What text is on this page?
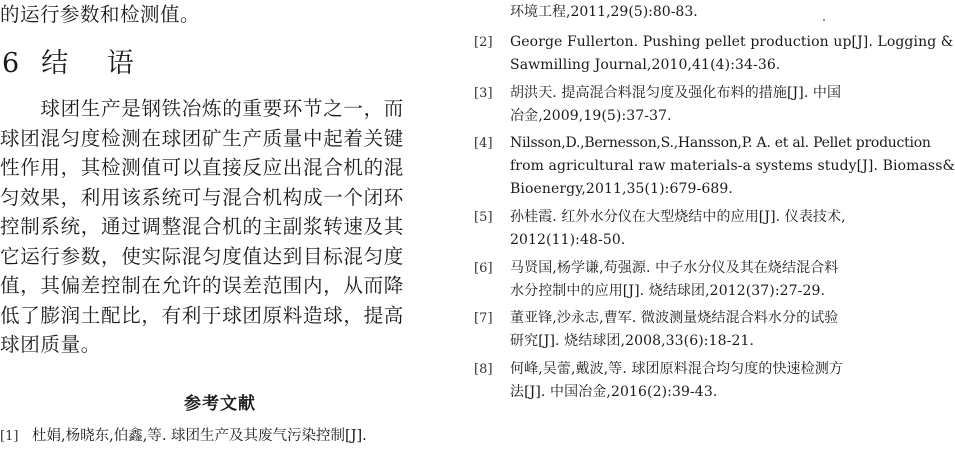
的运行参数和检测值。
6 结 语
　　球团生产是钢铁冶炼的重要环节之一，而
球团混匀度检测在球团矿生产质量中起着关键
性作用，其检测值可以直接反应出混合机的混
匀效果，利用该系统可与混合机构成一个闭环
控制系统，通过调整混合机的主副浆转速及其
它运行参数，使实际混匀度值达到目标混匀度
值，其偏差控制在允许的误差范围内，从而降
低了膨润土配比，有利于球团原料造球，提高
球团质量。
参考文献
[1] 杜娟,杨晓东,伯鑫,等. 球团生产及其废气污染控制[J].
环境工程,2011,29(5):80-83.
[2] George Fullerton. Pushing pellet production up[J]. Logging &
Sawmilling Journal,2010,41(4):34-36.
[3] 胡洪天. 提高混合料混匀度及强化布料的措施[J]. 中国
冶金,2009,19(5):37-37.
[4] Nilsson,D.,Bernesson,S.,Hansson,P. A. et al. Pellet production
from agricultural raw materials-a systems study[J]. Biomass&
Bioenergy,2011,35(1):679-689.
[5] 孙桂霞. 红外水分仪在大型烧结中的应用[J]. 仪表技术,
2012(11):48-50.
[6] 马贤国,杨学谦,苟强源. 中子水分仪及其在烧结混合料
水分控制中的应用[J]. 烧结球团,2012(37):27-29.
[7] 董亚锋,沙永志,曹军. 微波测量烧结混合料水分的试验
研究[J]. 烧结球团,2008,33(6):18-21.
[8] 何峰,吴蕾,戴波,等. 球团原料混合均匀度的快速检测方
法[J]. 中国冶金,2016(2):39-43.
